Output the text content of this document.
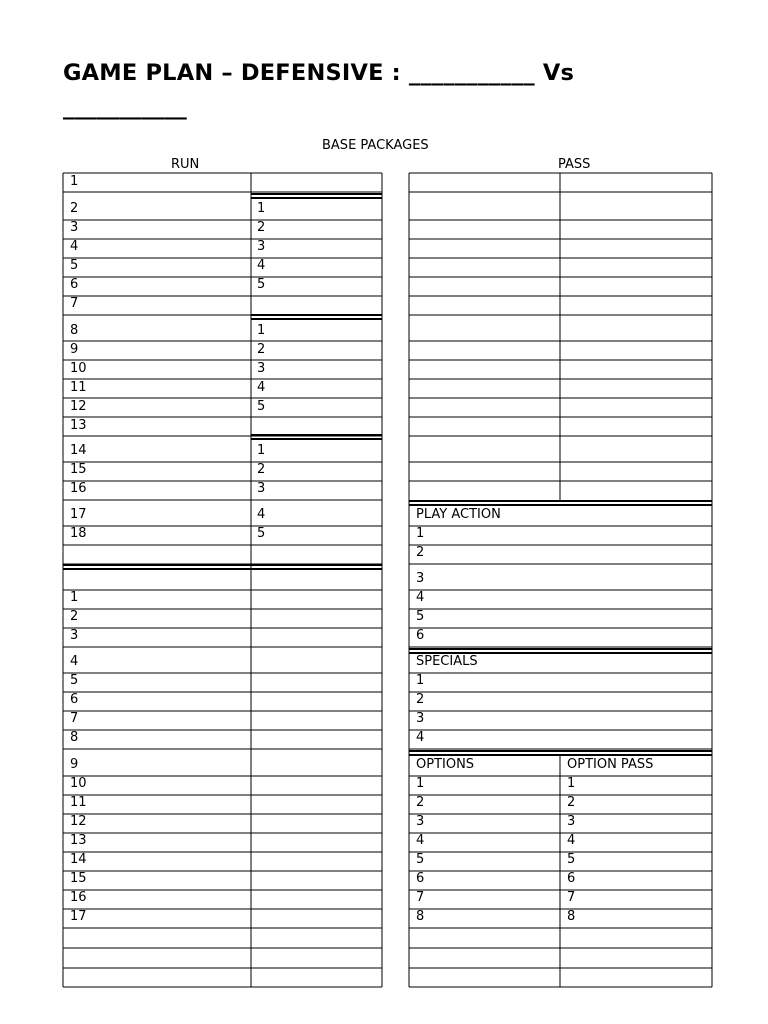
GAME PLAN – DEFENSIVE : ___________ Vs
___________
BASE PACKAGES
RUN	PASS
1
2
3
4
5
6
7
8
9
10
11
12
13
14
15
16
17
18
1
2
3
4
5
1
2
3
4
5
1
2
3
4
5
1
2
3
4
5
6
7
8
9
10
11
12
13
14
15
16
17
PLAY ACTION
1
2
3
4
5
6
SPECIALS
1
2
3
4
OPTIONS	OPTION PASS
1
2
3
4
5
6
7
8
1
2
3
4
5
6
7
8
